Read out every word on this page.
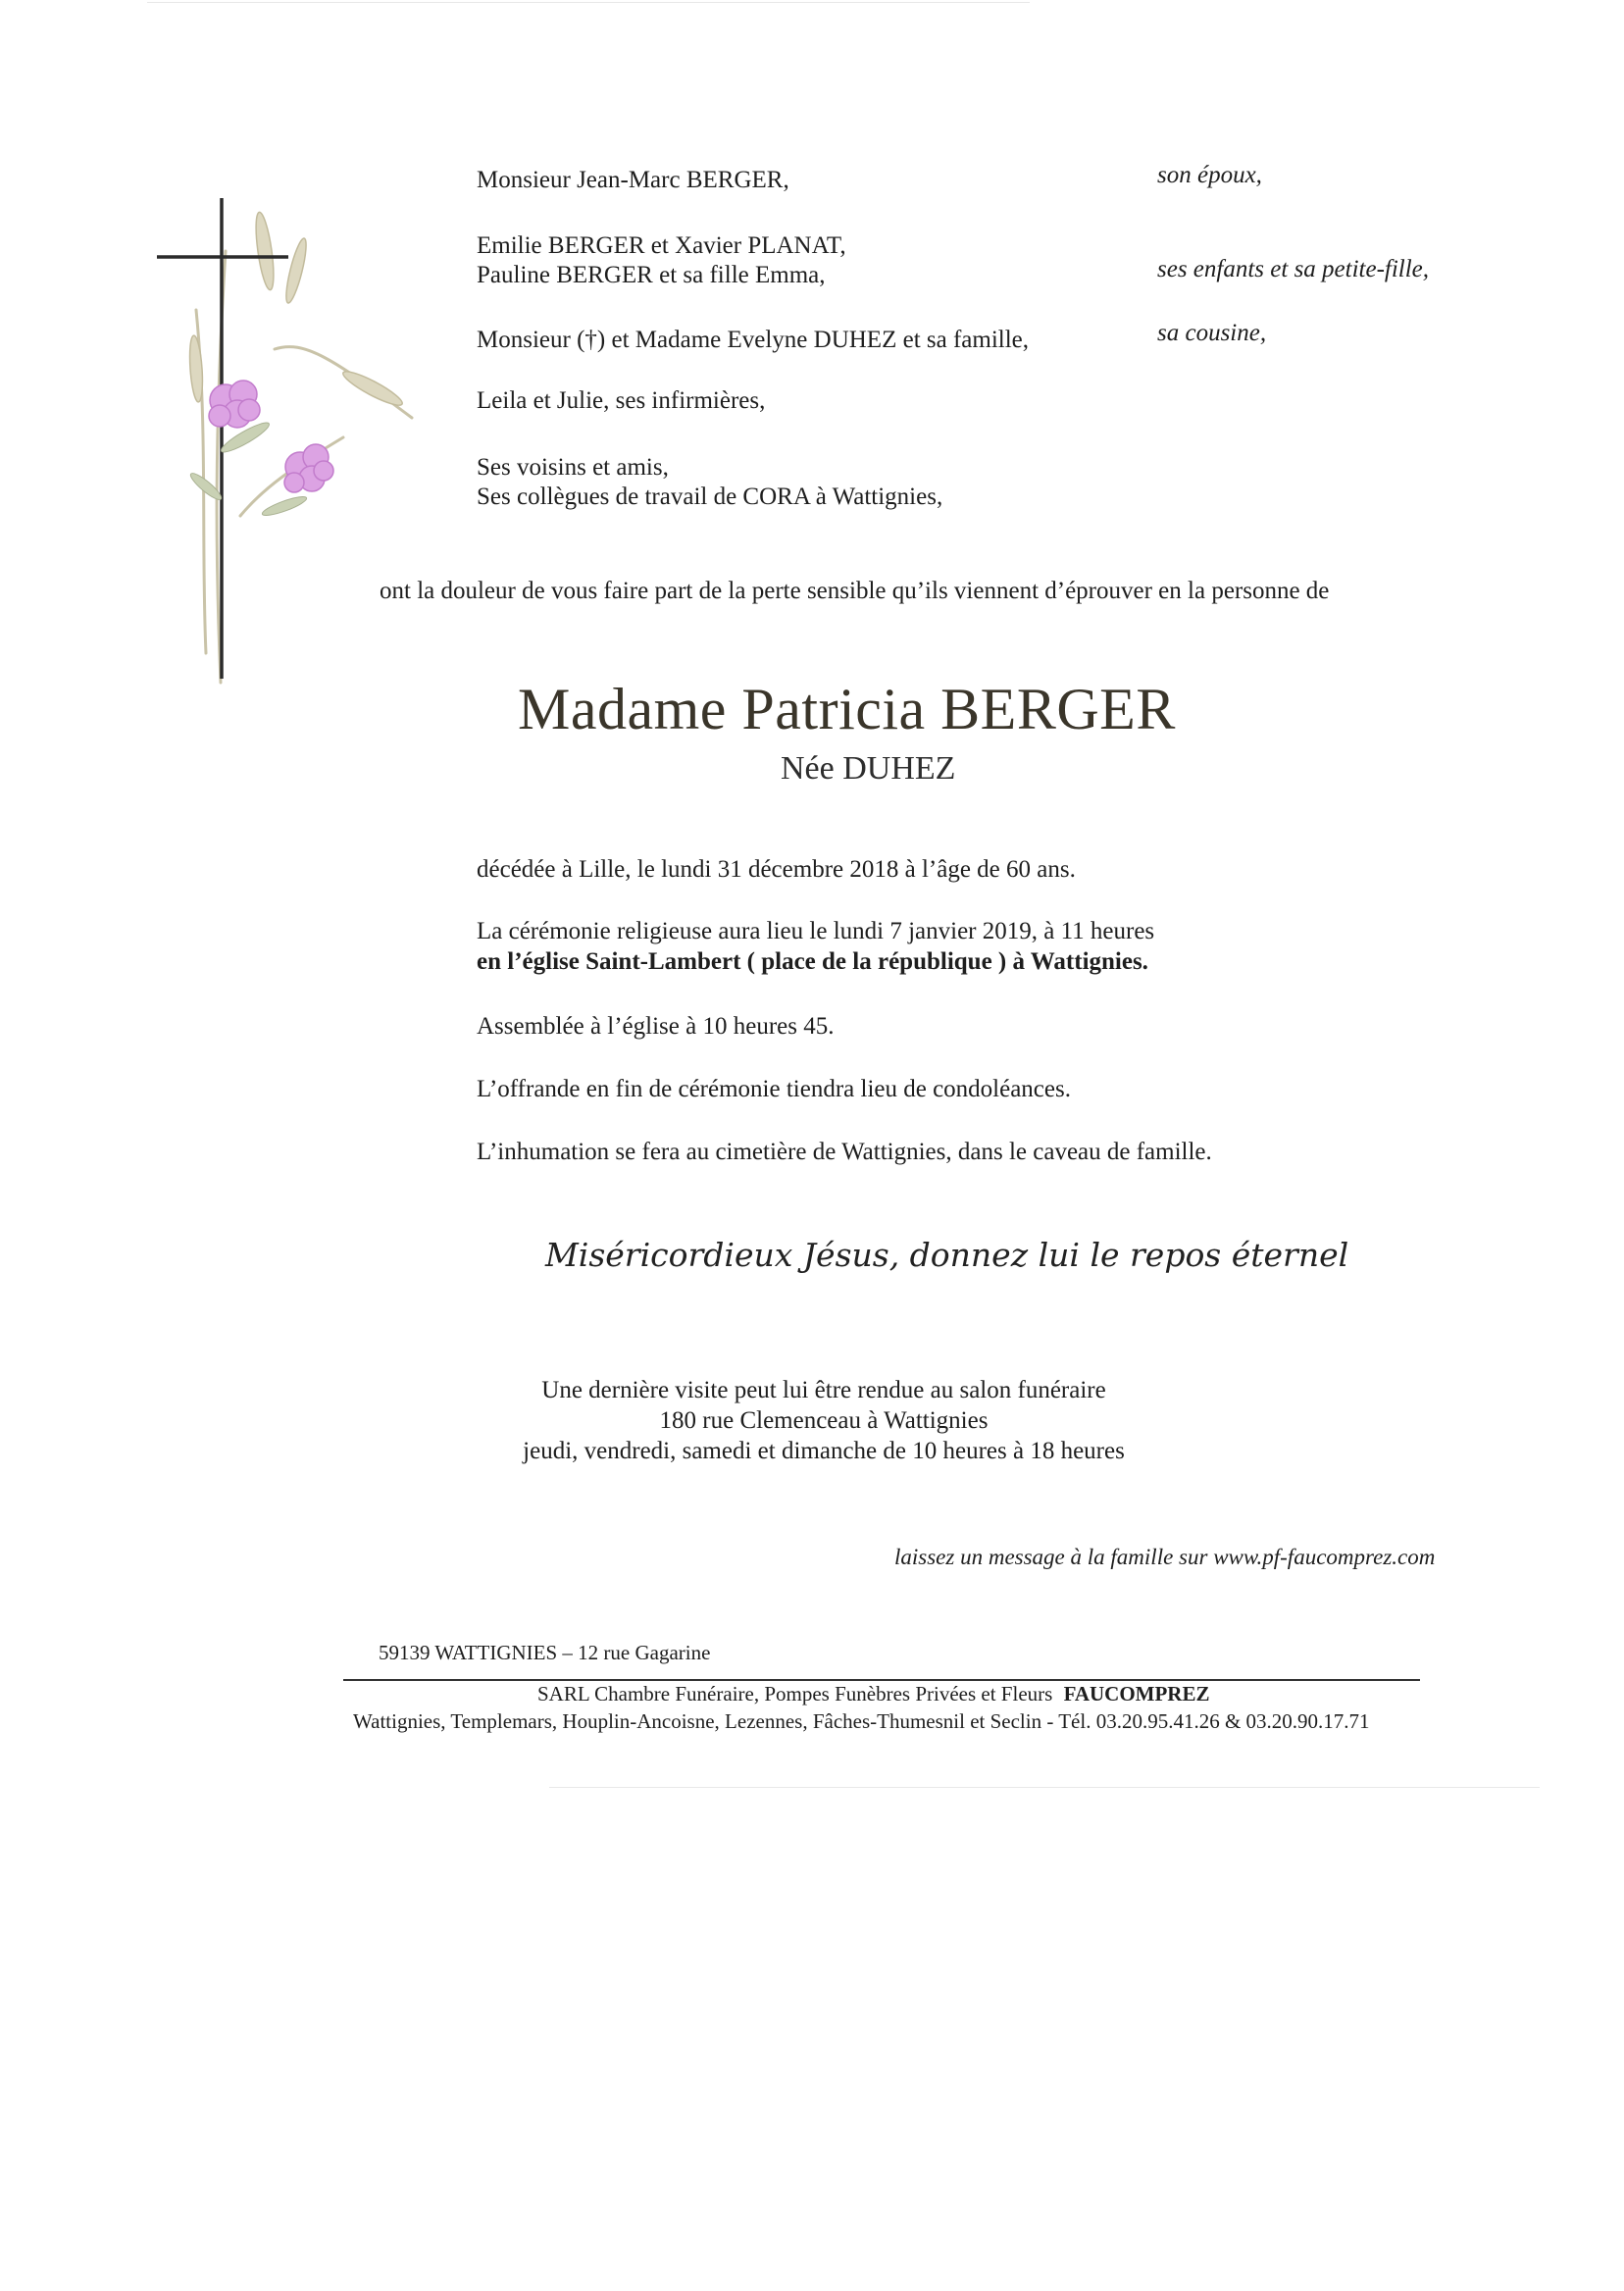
Monsieur Jean-Marc BERGER,	son époux,
Emilie BERGER et Xavier PLANAT,
Pauline BERGER et sa fille Emma,	ses enfants et sa petite-fille,
Monsieur (†) et Madame Evelyne DUHEZ et sa famille,	sa cousine,
Leila et Julie, ses infirmières,
Ses voisins et amis,
Ses collègues de travail de CORA à Wattignies,
ont la douleur de vous faire part de la perte sensible qu’ils viennent d’éprouver en la personne de
Madame Patricia BERGER
Née DUHEZ
décédée à Lille, le lundi 31 décembre 2018 à l’âge de 60 ans.
La cérémonie religieuse aura lieu le lundi 7 janvier 2019, à 11 heures
en l’église Saint-Lambert ( place de la république ) à Wattignies.
Assemblée à l’église à 10 heures 45.
L’offrande en fin de cérémonie tiendra lieu de condoléances.
L’inhumation se fera au cimetière de Wattignies, dans le caveau de famille.
Miséricordieux Jésus, donnez lui le repos éternel
Une dernière visite peut lui être rendue au salon funéraire
180 rue Clemenceau à Wattignies
jeudi, vendredi, samedi et dimanche de 10 heures à 18 heures
laissez un message à la famille sur www.pf-faucomprez.com
59139 WATTIGNIES – 12 rue Gagarine
SARL Chambre Funéraire, Pompes Funèbres Privées et Fleurs FAUCOMPREZ
Wattignies, Templemars, Houplin-Ancoisne, Lezennes, Fâches-Thumesnil et Seclin - Tél. 03.20.95.41.26 & 03.20.90.17.71
